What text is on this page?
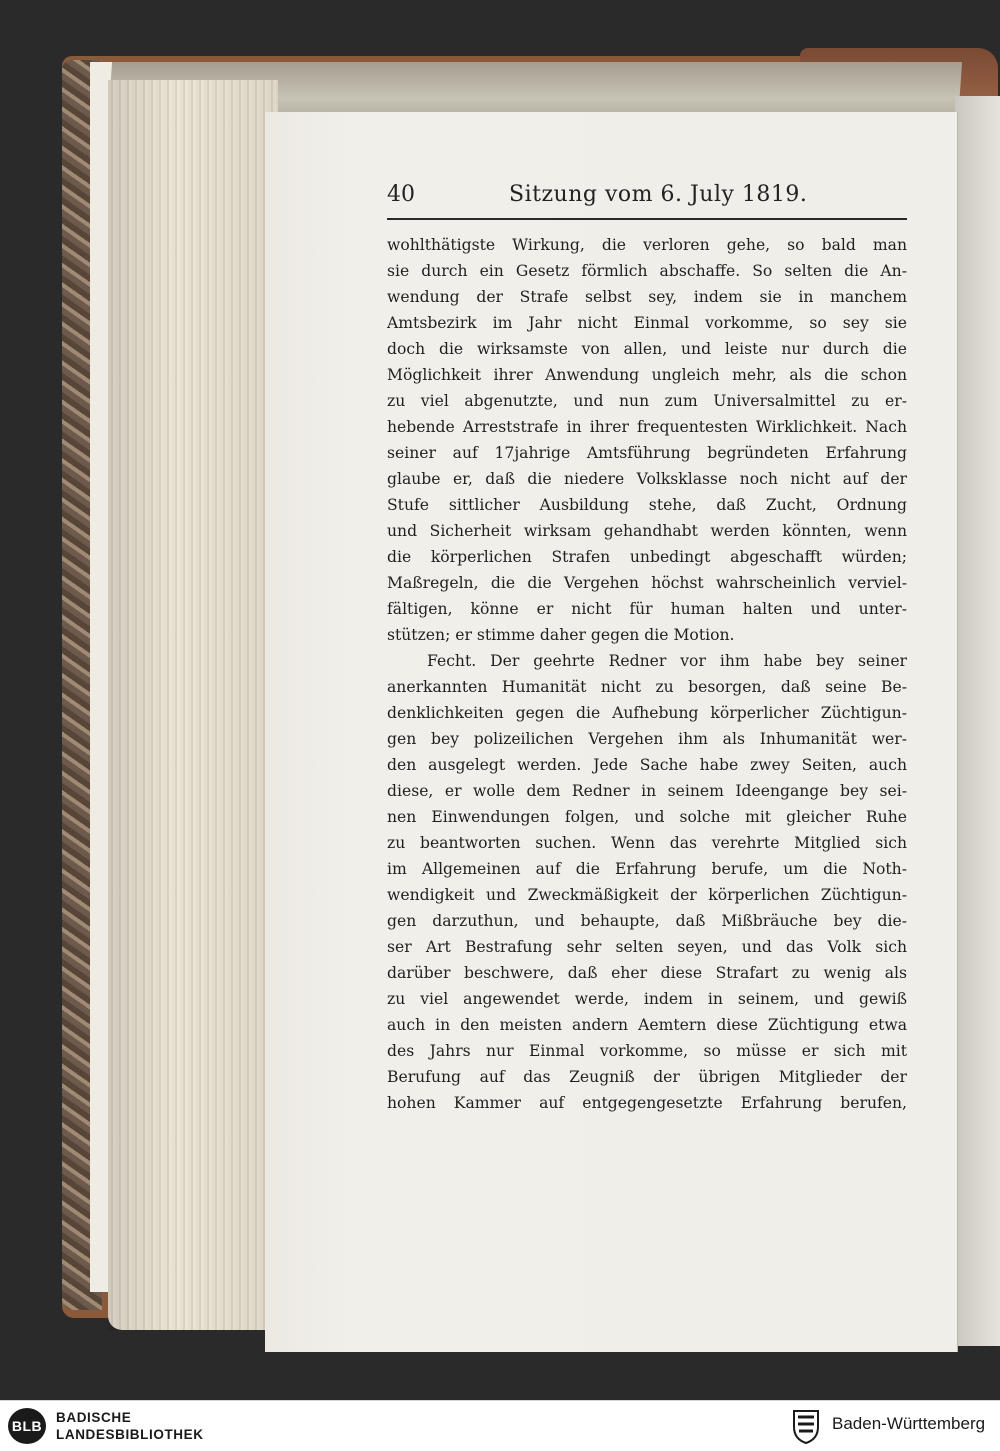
40	Sitzung vom 6. July 1819.
wohlthätigste Wirkung, die verloren gehe, so bald man
sie durch ein Gesetz förmlich abschaffe. So selten die An-
wendung der Strafe selbst sey, indem sie in manchem
Amtsbezirk im Jahr nicht Einmal vorkomme, so sey sie
doch die wirksamste von allen, und leiste nur durch die
Möglichkeit ihrer Anwendung ungleich mehr, als die schon
zu viel abgenutzte, und nun zum Universalmittel zu er-
hebende Arreststrafe in ihrer frequentesten Wirklichkeit. Nach
seiner auf 17jahrige Amtsführung begründeten Erfahrung
glaube er, daß die niedere Volksklasse noch nicht auf der
Stufe sittlicher Ausbildung stehe, daß Zucht, Ordnung
und Sicherheit wirksam gehandhabt werden könnten, wenn
die körperlichen Strafen unbedingt abgeschafft würden;
Maßregeln, die die Vergehen höchst wahrscheinlich verviel-
fältigen, könne er nicht für human halten und unter-
stützen; er stimme daher gegen die Motion.
Fecht. Der geehrte Redner vor ihm habe bey seiner
anerkannten Humanität nicht zu besorgen, daß seine Be-
denklichkeiten gegen die Aufhebung körperlicher Züchtigun-
gen bey polizeilichen Vergehen ihm als Inhumanität wer-
den ausgelegt werden. Jede Sache habe zwey Seiten, auch
diese, er wolle dem Redner in seinem Ideengange bey sei-
nen Einwendungen folgen, und solche mit gleicher Ruhe
zu beantworten suchen. Wenn das verehrte Mitglied sich
im Allgemeinen auf die Erfahrung berufe, um die Noth-
wendigkeit und Zweckmäßigkeit der körperlichen Züchtigun-
gen darzuthun, und behaupte, daß Mißbräuche bey die-
ser Art Bestrafung sehr selten seyen, und das Volk sich
darüber beschwere, daß eher diese Strafart zu wenig als
zu viel angewendet werde, indem in seinem, und gewiß
auch in den meisten andern Aemtern diese Züchtigung etwa
des Jahrs nur Einmal vorkomme, so müsse er sich mit
Berufung auf das Zeugniß der übrigen Mitglieder der
hohen Kammer auf entgegengesetzte Erfahrung berufen,
BLB
BADISCHE
LANDESBIBLIOTHEK
Baden-Württemberg
